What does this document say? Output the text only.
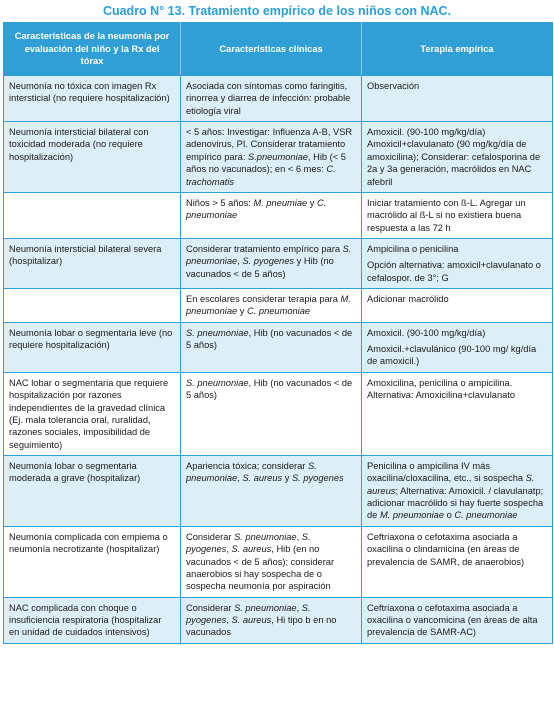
Cuadro N° 13. Tratamiento empírico de los niños con NAC.
Características de la neumonía por evaluación del niño y la Rx del tórax	Características clínicas	Terapia empírica
Neumonía no tóxica con imagen Rx intersticial (no requiere hospitalización)	Asociada con síntomas como faringitis, rinorrea y diarrea de infección: probable etiología viral	Observación

Neumonía intersticial bilateral con toxicidad moderada (no requiere hospitalización)	< 5 años: Investigar: Influenza A-B, VSR adenovirus, PI. Considerar tratamiento empírico para: S.pneumoniae, Hib (< 5 años no vacunados); en < 6 mes: C. trachomatis	Amoxicil. (90-100 mg/kg/día) Amoxicil+clavulanato (90 mg/kg/día de amoxicilina); Considerar: cefalosporina de 2a y 3a generación, macrólidos en NAC afebril

	Niños > 5 años: M. pneumiae y C. pneumoniae	Iniciar tratamiento con ß-L. Agregar un macrólido al ß-L si no existiera buena respuesta a las 72 h

Neumonía intersticial bilateral severa (hospitalizar)	Considerar tratamiento empírico para S. pneumoniae, S. pyogenes y Hib (no vacunados < de 5 años)	Ampicilina o penicilina
Opción alternativa: amoxicil+clavulanato o cefalospor. de 3°; G

	En escolares considerar terapia para M. pneumoniae y C. pneumoniae	Adicionar macrólido

Neumonía lobar o segmentaria leve (no requiere hospitalización)	S. pneumoniae, Hib (no vacunados < de 5 años)	Amoxicil. (90-100 mg/kg/día)
Amoxicil.+clavulánico (90-100 mg/ kg/día de amoxicil.)

NAC lobar o segmentaria que requiere hospitalización por razones independientes de la gravedad clínica (Ej. mala tolerancia oral, ruralidad, razones sociales, imposibilidad de seguimiento)	S. pneumoniae, Hib (no vacunados < de 5 años)	Amoxicilina, penicilina o ampicilina. Alternativa: Amoxicilina+clavulanato

Neumonía lobar o segmentaria moderada a grave (hospitalizar)	Apariencia tóxica; considerar S. pneumoniae, S. aureus y S. pyogenes	Penicilina o ampicilina IV más oxacilina/cloxacilina, etc., si sospecha S. aureus; Alternativa: Amoxicil. / clavulanatp; adicionar macrólido si hay fuerte sospecha de M. pneumoniae o C. pneumoniae

Neumonía complicada con empiema o neumonía necrotizante (hospitalizar)	Considerar S. pneumoniae, S. pyogenes, S. aureus, Hib (en no vacunados < de 5 años); considerar anaerobios si hay sospecha de o sospecha neumonía por aspiración	Ceftriaxona o cefotaxima asociada a oxacilina o clindamicina (en áreas de prevalencia de SAMR, de anaerobios)

NAC complicada con choque o insuficiencia respiratoria (hospitalizar en unidad de cuidados intensivos)	Considerar S. pneumoniae, S. pyogenes, S. aureus, Hi tipo b en no vacunados	Ceftriaxona o cefotaxima asociada a oxacilina o vancomicina (en áreas de alta prevalencia de SAMR-AC)
